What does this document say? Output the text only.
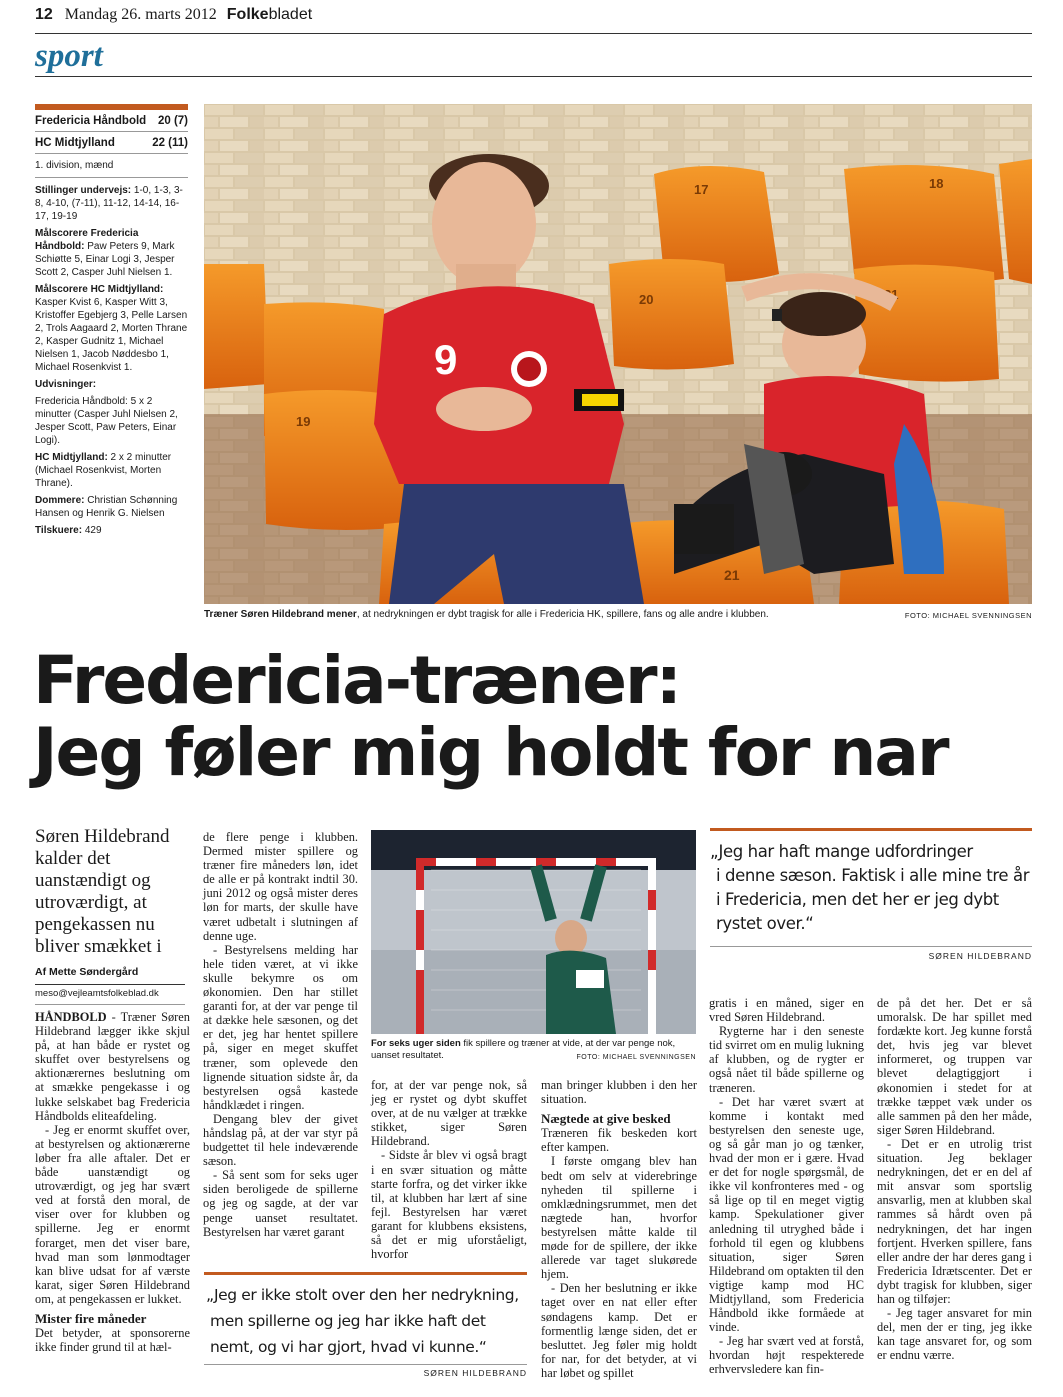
12 Mandag 26. marts 2012 Folkebladet
sport
Fredericia Håndbold 20 (7)
HC Midtjylland	22 (11)
1. division, mænd
Stillinger undervejs: 1-0, 1-3, 3-8, 4-10, (7-11), 11-12, 14-14, 16-17, 19-19
Målscorere Fredericia Håndbold: Paw Peters 9, Mark Schiøtte 5, Einar Logi 3, Jesper Scott 2, Casper Juhl Nielsen 1.
Målscorere HC Midtjylland: Kasper Kvist 6, Kasper Witt 3, Kristoffer Egebjerg 3, Pelle Larsen 2, Trols Aagaard 2, Morten Thrane 2, Kasper Gudnitz 1, Michael Nielsen 1, Jacob Nøddesbo 1, Michael Rosenkvist 1.
Udvisninger:
Fredericia Håndbold: 5 x 2 minutter (Casper Juhl Nielsen 2, Jesper Scott, Paw Peters, Einar Logi).
HC Midtjylland: 2 x 2 minutter (Michael Rosenkvist, Morten Thrane).
Dommere: Christian Schønning Hansen og Henrik G. Nielsen
Tilskuere: 429
17	18
20	21
19
21
9
Træner Søren Hildebrand mener, at nedrykningen er dybt tragisk for alle i Fredericia HK, spillere, fans og alle andre i klubben.	FOTO: MICHAEL SVENNINGSEN
Fredericia-træner:
Jeg føler mig holdt for nar
Søren Hildebrand kalder det uanstændigt og utroværdigt, at pengekassen nu bliver smækket i
Af Mette Søndergård
meso@vejleamtsfolkeblad.dk

HÅNDBOLD - Træner Søren Hildebrand lægger ikke skjul på, at han både er rystet og skuffet over bestyrelsens og aktionærernes beslutning om at smække pengekasse i og lukke selskabet bag Fredericia Håndbolds eliteafdeling.

- Jeg er enormt skuffet over, at bestyrelsen og aktionærerne løber fra alle aftaler. Det er både uanstændigt og utroværdigt, og jeg har svært ved at forstå den moral, de viser over for klubben og spillerne. Jeg er enormt forarget, men det viser bare, hvad man som lønmodtager kan blive udsat for af værste karat, siger Søren Hildebrand om, at pengekassen er lukket.

Mister fire måneder

Det betyder, at sponsorerne ikke finder grund til at hæl-

de flere penge i klubben. Dermed mister spillere og træner fire måneders løn, idet de alle er på kontrakt indtil 30. juni 2012 og også mister deres løn for marts, der skulle have været udbetalt i slutningen af denne uge.

- Bestyrelsens melding har hele tiden været, at vi ikke skulle bekymre os om økonomien. Den har stillet garanti for, at der var penge til at dække hele sæsonen, og det er det, jeg har hentet spillere på, siger en meget skuffet træner, som oplevede den lignende situation sidste år, da bestyrelsen også kastede håndklædet i ringen.

Dengang blev der givet håndslag på, at der var styr på budgettet til hele indeværende sæson.

- Så sent som for seks uger siden beroligede de spillerne og jeg og sagde, at der var penge uanset resultatet. Bestyrelsen har været garant

For seks uger siden fik spillere og træner at vide, at der var penge nok, uanset resultatet.	FOTO: MICHAEL SVENNINGSEN

for, at der var penge nok, så jeg er rystet og dybt skuffet over, at de nu vælger at trække stikket, siger Søren Hildebrand.

- Sidste år blev vi også bragt i en svær situation og måtte starte forfra, og det virker ikke til, at klubben har lært af sine fejl. Bestyrelsen har været garant for klubbens eksistens, så det er mig uforståeligt, hvorfor

man bringer klubben i den her situation.

Nægtede at give besked

Træneren fik beskeden kort efter kampen.

I første omgang blev han bedt om selv at viderebringe nyheden til spillerne i omklædningsrummet, men det nægtede han, hvorfor bestyrelsen måtte kalde til møde for de spillere, der ikke allerede var taget slukørede hjem.

- Den her beslutning er ikke taget over en nat eller efter søndagens kamp. Det er formentlig længe siden, det er besluttet. Jeg føler mig holdt for nar, for det betyder, at vi har løbet og spillet

„Jeg er ikke stolt over den her nedrykning,
men spillerne og jeg har ikke haft det
nemt, og vi har gjort, hvad vi kunne.“
SØREN HILDEBRAND
„Jeg har haft mange udfordringer
i denne sæson. Faktisk i alle mine tre år
i Fredericia, men det her er jeg dybt
rystet over.“
SØREN HILDEBRAND

gratis i en måned, siger en vred Søren Hildebrand.

Rygterne har i den seneste tid svirret om en mulig lukning af klubben, og de rygter er også nået til både spillerne og træneren.

- Det har været svært at komme i kontakt med bestyrelsen den seneste uge, og så går man jo og tænker, hvad der mon er i gære. Hvad er det for nogle spørgsmål, de ikke vil konfronteres med - og så lige op til en meget vigtig kamp. Spekulationer giver anledning til utryghed både i forhold til egen og klubbens situation, siger Søren Hildebrand om optakten til den vigtige kamp mod HC Midtjylland, som Fredericia Håndbold ikke formåede at vinde.

- Jeg har svært ved at forstå, hvordan højt respekterede erhvervsledere kan fin-

de på det her. Det er så umoralsk. De har spillet med fordækte kort. Jeg kunne forstå det, hvis jeg var blevet informeret, og truppen var blevet delagtiggjort i økonomien i stedet for at trække tæppet væk under os alle sammen på den her måde, siger Søren Hildebrand.

- Det er en utrolig trist situation. Jeg beklager nedrykningen, det er en del af mit ansvar som sportslig ansvarlig, men at klubben skal rammes så hårdt oven på nedrykningen, det har ingen fortjent. Hverken spillere, fans eller andre der har deres gang i Fredericia Idrætscenter. Det er dybt tragisk for klubben, siger han og tilføjer:

- Jeg tager ansvaret for min del, men der er ting, jeg ikke kan tage ansvaret for, og som er endnu værre.
